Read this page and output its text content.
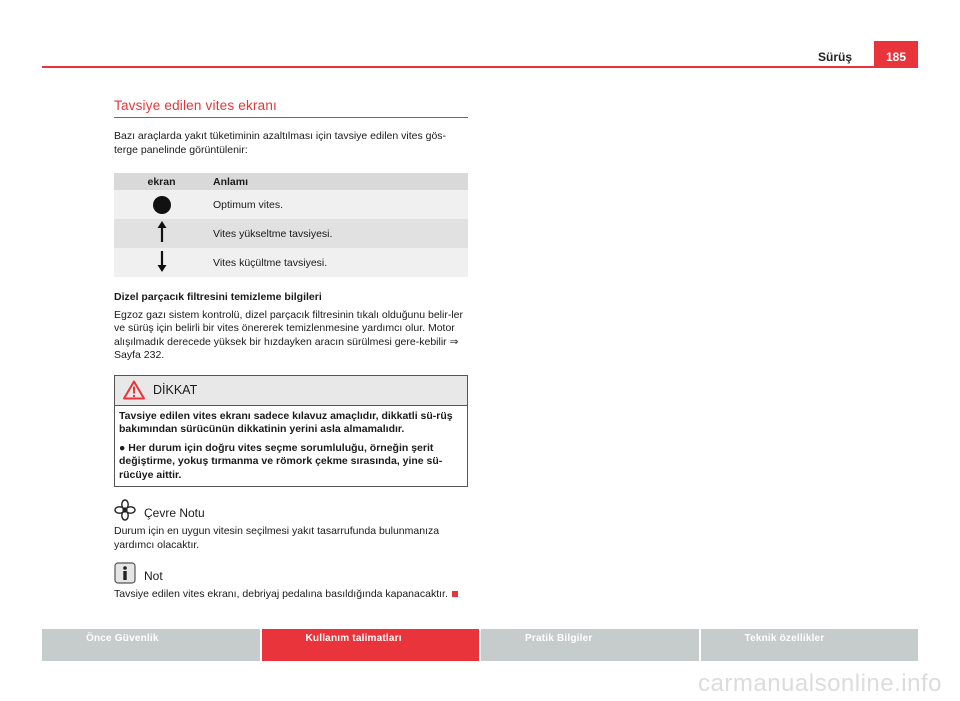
Sürüş	185
Tavsiye edilen vites ekranı

Bazı araçlarda yakıt tüketiminin azaltılması için tavsiye edilen vites gös-terge panelinde görüntülenir:

ekran	Anlamı
	Optimum vites.
	Vites yükseltme tavsiyesi.
	Vites küçültme tavsiyesi.

Dizel parçacık filtresini temizleme bilgileri

Egzoz gazı sistem kontrolü, dizel parçacık filtresinin tıkalı olduğunu belir-ler ve sürüş için belirli bir vites önererek temizlenmesine yardımcı olur. Motor alışılmadık derecede yüksek bir hızdayken aracın sürülmesi gere-kebilir ⇒ Sayfa 232.

DİKKAT

Tavsiye edilen vites ekranı sadece kılavuz amaçlıdır, dikkatli sü-rüş bakımından sürücünün dikkatinin yerini asla almamalıdır.

● Her durum için doğru vites seçme sorumluluğu, örneğin şerit değiştirme, yokuş tırmanma ve römork çekme sırasında, yine sü-rücüye aittir.

Çevre Notu

Durum için en uygun vitesin seçilmesi yakıt tasarrufunda bulunmanıza yardımcı olacaktır.

Not

Tavsiye edilen vites ekranı, debriyaj pedalına basıldığında kapanacaktır.

Önce Güvenlik	Kullanım talimatları	Pratik Bilgiler	Teknik özellikler
carmanualsonline.info
